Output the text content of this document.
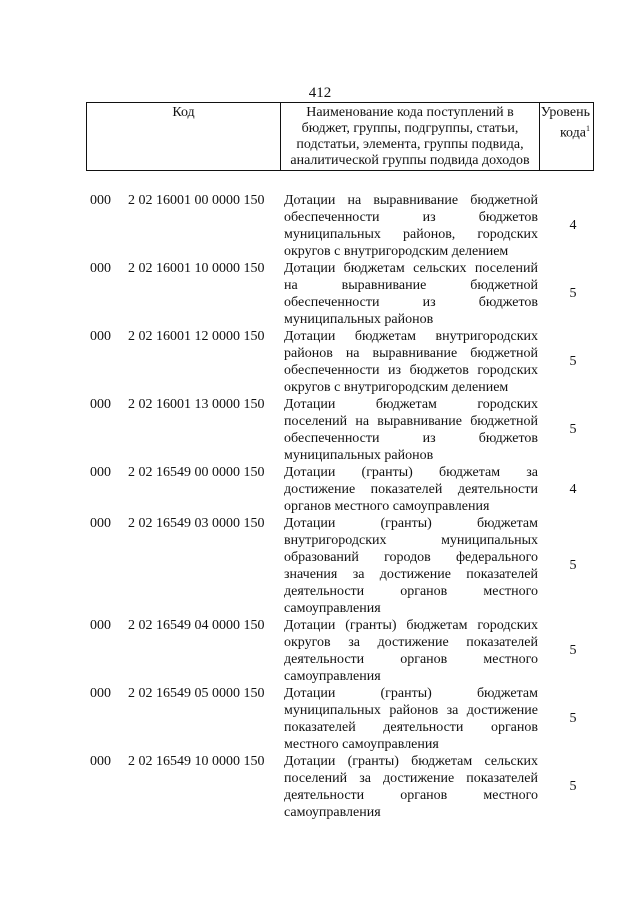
412
Код	Наименование кода поступлений в
бюджет, группы, подгруппы, статьи,
подстатьи, элемента, группы подвида,
аналитической группы подвида доходов
Уровень
кода$^1$
000 2 02 16001 00 0000 150 Дотации на выравнивание бюджетной
обеспеченности из бюджетов
муниципальных районов, городских
округов с внутригородским делением
4
000 2 02 16001 10 0000 150 Дотации бюджетам сельских поселений
на выравнивание бюджетной
обеспеченности из бюджетов
муниципальных районов
5
000 2 02 16001 12 0000 150 Дотации бюджетам внутригородских
районов на выравнивание бюджетной
обеспеченности из бюджетов городских
округов с внутригородским делением
5
000 2 02 16001 13 0000 150 Дотации бюджетам городских
поселений на выравнивание бюджетной
обеспеченности из бюджетов
муниципальных районов
5
000 2 02 16549 00 0000 150 Дотации (гранты) бюджетам за
достижение показателей деятельности
органов местного самоуправления
4
000 2 02 16549 03 0000 150 Дотации (гранты) бюджетам
внутригородских муниципальных
образований городов федерального
значения за достижение показателей
деятельности органов местного
самоуправления
5
000 2 02 16549 04 0000 150 Дотации (гранты) бюджетам городских
округов за достижение показателей
деятельности органов местного
самоуправления
5
000 2 02 16549 05 0000 150 Дотации (гранты) бюджетам
муниципальных районов за достижение
показателей деятельности органов
местного самоуправления
5
000 2 02 16549 10 0000 150 Дотации (гранты) бюджетам сельских
поселений за достижение показателей
деятельности органов местного
самоуправления
5
